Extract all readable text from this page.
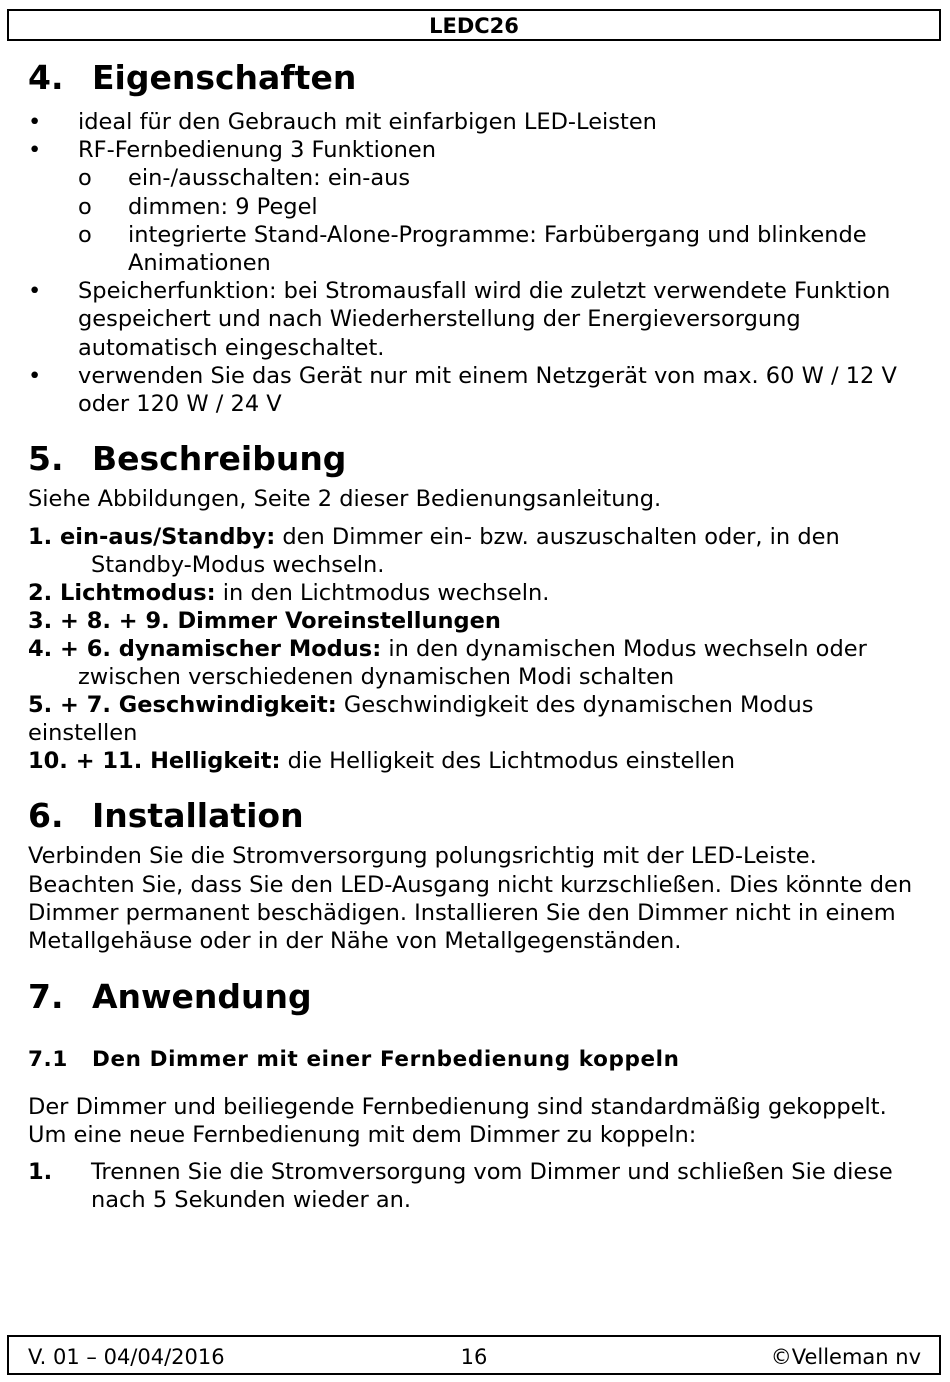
LEDC26
4. Eigenschaften
• ideal für den Gebrauch mit einfarbigen LED-Leisten
• RF-Fernbedienung 3 Funktionen
o ein-/ausschalten: ein-aus
o dimmen: 9 Pegel
o integrierte Stand-Alone-Programme: Farbübergang und blinkende Animationen
• Speicherfunktion: bei Stromausfall wird die zuletzt verwendete Funktion gespeichert und nach Wiederherstellung der Energieversorgung automatisch eingeschaltet.
• verwenden Sie das Gerät nur mit einem Netzgerät von max. 60 W / 12 V oder 120 W / 24 V
5. Beschreibung

Siehe Abbildungen, Seite 2 dieser Bedienungsanleitung.

1. ein-aus/Standby: den Dimmer ein- bzw. auszuschalten oder, in den Standby-Modus wechseln.
2. Lichtmodus: in den Lichtmodus wechseln.
3. + 8. + 9. Dimmer Voreinstellungen
4. + 6. dynamischer Modus: in den dynamischen Modus wechseln oder zwischen verschiedenen dynamischen Modi schalten
5. + 7. Geschwindigkeit: Geschwindigkeit des dynamischen Modus einstellen
10. + 11. Helligkeit: die Helligkeit des Lichtmodus einstellen
6. Installation

Verbinden Sie die Stromversorgung polungsrichtig mit der LED-Leiste. Beachten Sie, dass Sie den LED-Ausgang nicht kurzschließen. Dies könnte den Dimmer permanent beschädigen. Installieren Sie den Dimmer nicht in einem Metallgehäuse oder in der Nähe von Metallgegenständen.

7. Anwendung
7.1 Den Dimmer mit einer Fernbedienung koppeln

Der Dimmer und beiliegende Fernbedienung sind standardmäßig gekoppelt. Um eine neue Fernbedienung mit dem Dimmer zu koppeln:

1. Trennen Sie die Stromversorgung vom Dimmer und schließen Sie diese nach 5 Sekunden wieder an.
V. 01 – 04/04/2016	16	©Velleman nv
